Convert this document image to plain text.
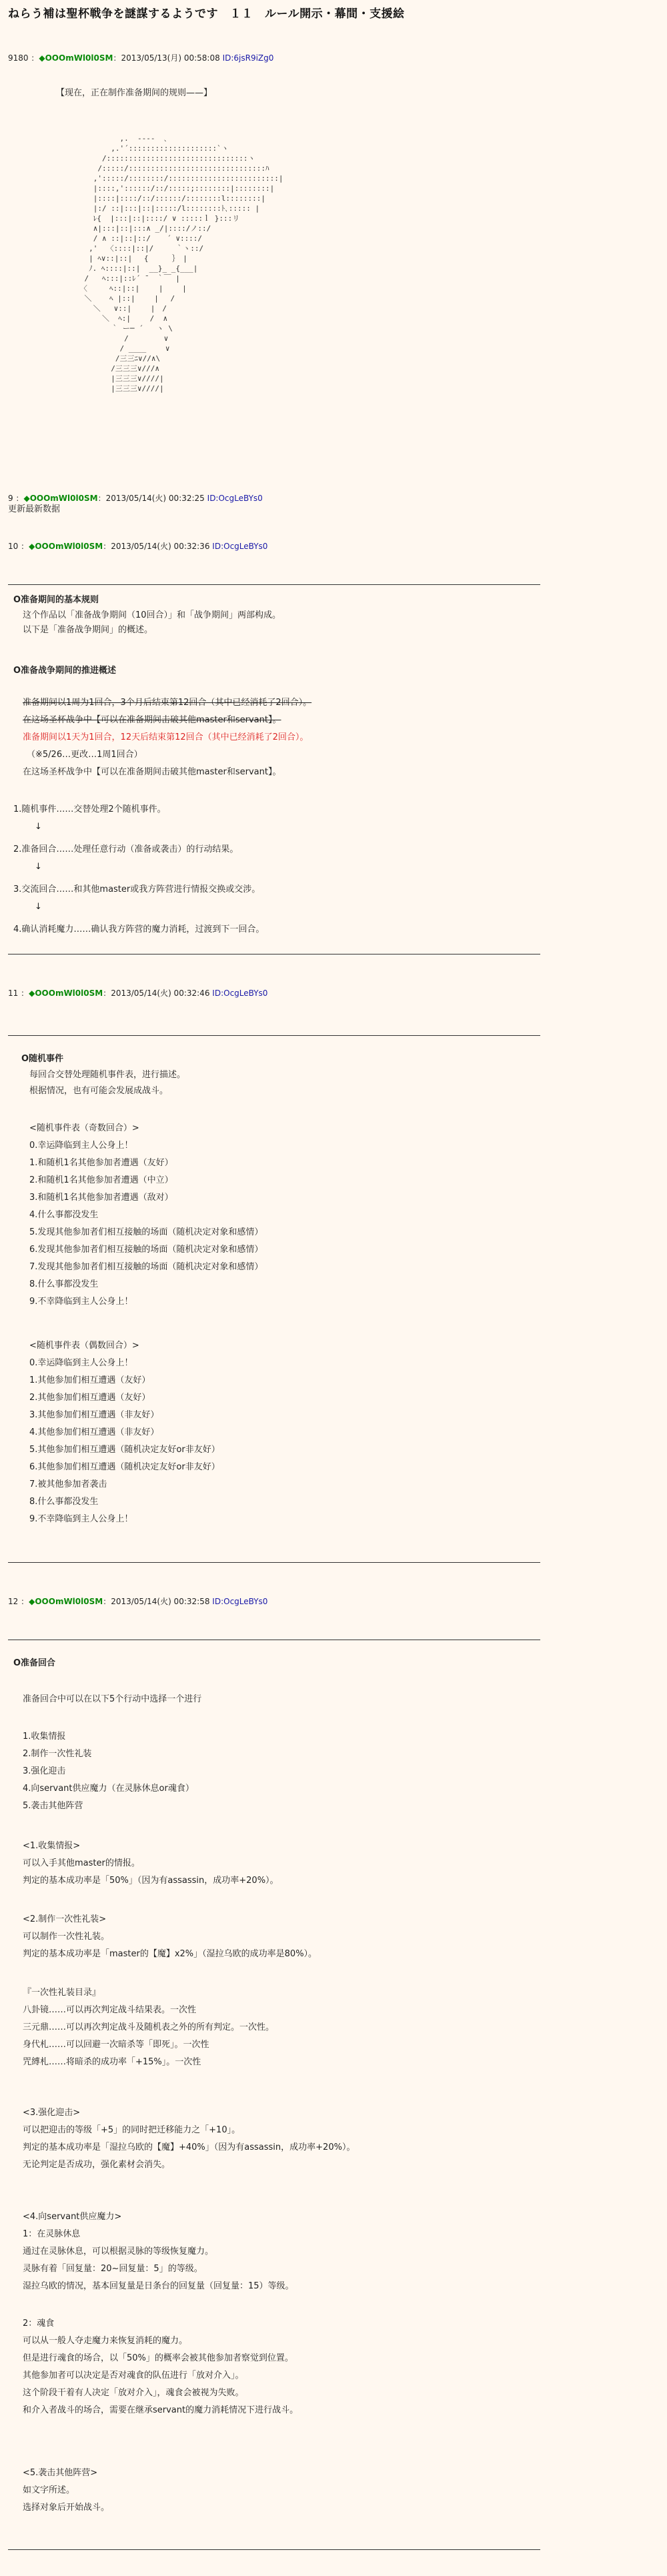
ねらう補は聖杯戦争を謎謀するようです　１１　ルール開示・幕間・支援絵
9180 ：◆OOOmWl0l0SM：2013/05/13(月) 00:58:08 ID:6jsR9iZg0
【现在，正在制作准备期间的规则——】
,.  -‐‐-  ､
,.'´::::::::::::::::::::`ヽ
/::::::::::::::::::::::::::::::::ヽ
/:::::/:::::::::::::::::::::::::::::::ﾊ
,':::::/::::::::/:::::::::::::::::::::::::|
|::::,'::::::/::/:::::;::::::::|::::::::|
|::::|::::/::/::::::/::::::::l::::::::|
|:/ ::|:::|::|:::::/l::::::::ﾄ､::::: |
ﾚ{  |:::|::|::::/ ∨ :::::ｌ }:::リ
∧|:::|::|:::∧ _/|::::/ノ::/
/ ∧ ::|::|::/ 　 ´ ∨::::/
,'  〈::::|::|/　　　｀ヽ::/
| ﾍ∨::|::|　 {　 　 ｝　|
ﾉ. ﾍ::::|::|  __}_ _{___|
/   ﾍ:::|::ﾚ´ ̄　 ｀￣ |
〈     ﾍ::|::|　　 |　　 |
＼    ﾍ |::|　　 |　 /
＼   ∨::|　　 |　/
＼  ﾍ:|　　 /  ∧
｀ ー─ ´   ヽ \
/　 　　  ∨
/ ____　　 ∨
/三三ﾆ∨//∧\
/三三三∨///∧
|三三三∨////|
|三三三∨////|
9 ：◆OOOmWl0l0SM：2013/05/14(火) 00:32:25 ID:OcgLeBYs0
更新最新数据
10 ：◆OOOmWl0l0SM：2013/05/14(火) 00:32:36 ID:OcgLeBYs0
O准备期间的基本规则
这个作品以「准备战争期间（10回合）」和「战争期间」两部构成。
以下是「准备战争期间」的概述。
O准备战争期间的推进概述
准备期间以1周为1回合，3个月后结束第12回合（其中已经消耗了2回合）。
在这场圣杯战争中【可以在准备期间击破其他master和servant】。
准备期间以1天为1回合，12天后结束第12回合（其中已经消耗了2回合）。
（※5/26…更改…1周1回合）
在这场圣杯战争中【可以在准备期间击破其他master和servant】。
1.随机事件……交替处理2个随机事件。
↓
2.准备回合……处理任意行动（准备或袭击）的行动结果。
↓
3.交流回合……和其他master或我方阵营进行情报交换或交涉。
↓
4.确认消耗魔力……确认我方阵营的魔力消耗，过渡到下一回合。
11 ：◆OOOmWl0l0SM：2013/05/14(火) 00:32:46 ID:OcgLeBYs0
O随机事件
每回合交替处理随机事件表，进行描述。
根据情况，也有可能会发展成战斗。
<随机事件表（奇数回合）>
0.幸运降临到主人公身上！
1.和随机1名其他参加者遭遇（友好）
2.和随机1名其他参加者遭遇（中立）
3.和随机1名其他参加者遭遇（敌对）
4.什么事都没发生
5.发现其他参加者们相互接触的场面（随机决定对象和感情）
6.发现其他参加者们相互接触的场面（随机决定对象和感情）
7.发现其他参加者们相互接触的场面（随机决定对象和感情）
8.什么事都没发生
9.不幸降临到主人公身上！
<随机事件表（偶数回合）>
0.幸运降临到主人公身上！
1.其他参加们相互遭遇（友好）
2.其他参加们相互遭遇（友好）
3.其他参加们相互遭遇（非友好）
4.其他参加们相互遭遇（非友好）
5.其他参加们相互遭遇（随机决定友好or非友好）
6.其他参加们相互遭遇（随机决定友好or非友好）
7.被其他参加者袭击
8.什么事都没发生
9.不幸降临到主人公身上！
12 ：◆OOOmWl0l0SM：2013/05/14(火) 00:32:58 ID:OcgLeBYs0
O准备回合
准备回合中可以在以下5个行动中选择一个进行
1.收集情报
2.制作一次性礼装
3.强化迎击
4.向servant供应魔力（在灵脉休息or魂食）
5.袭击其他阵营
<1.收集情报>
可以入手其他master的情报。
判定的基本成功率是「50%」（因为有assassin，成功率+20%）。
<2.制作一次性礼装>
可以制作一次性礼装。
判定的基本成功率是「master的【魔】x2%」（湿拉乌欧的成功率是80%）。
『一次性礼装目录』
八卦镜……可以再次判定战斗结果表。一次性
三元鼎……可以再次判定战斗及随机表之外的所有判定。一次性。
身代札……可以回避一次暗杀等「即死」。一次性
咒縛札……将暗杀的成功率「+15%」。一次性
<3.强化迎击>
可以把迎击的等级「+5」的同时把迁移能力之「+10」。
判定的基本成功率是「湿拉乌欧的【魔】+40%」（因为有assassin，成功率+20%）。
无论判定是否成功，强化素材会消失。
<4.向servant供应魔力>
1：在灵脉休息
通过在灵脉休息，可以根据灵脉的等级恢复魔力。
灵脉有着「回复量：20~回复量：5」的等级。
湿拉乌欧的情况，基本回复量是日条台的回复量（回复量：15）等级。
2：魂食
可以从一般人夺走魔力来恢复消耗的魔力。
但是进行魂食的场合，以「50%」的概率会被其他参加者察觉到位置。
其他参加者可以决定是否对魂食的队伍进行「放对介入」。
这个阶段干着有人决定「放对介入」，魂食会被视为失败。
和介入者战斗的场合，需要在继承servant的魔力消耗情况下进行战斗。
<5.袭击其他阵营>
如文字所述。
选择对象后开始战斗。
